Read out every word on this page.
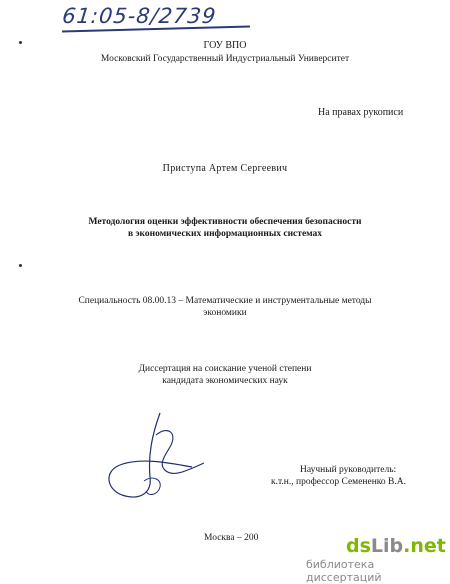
61:05-8/2739
ГОУ ВПО
Московский Государственный Индустриальный Университет
На правах рукописи
Приступа Артем Сергеевич
Методология оценки эффективности обеспечения безопасности
в экономических информационных системах
Специальность 08.00.13 – Математические и инструментальные методы
экономики
Диссертация на соискание ученой степени
кандидата экономических наук
Научный руководитель:
к.т.н., профессор Семененко В.А.
Москва – 200	dsLib.net
библиотека диссертаций
